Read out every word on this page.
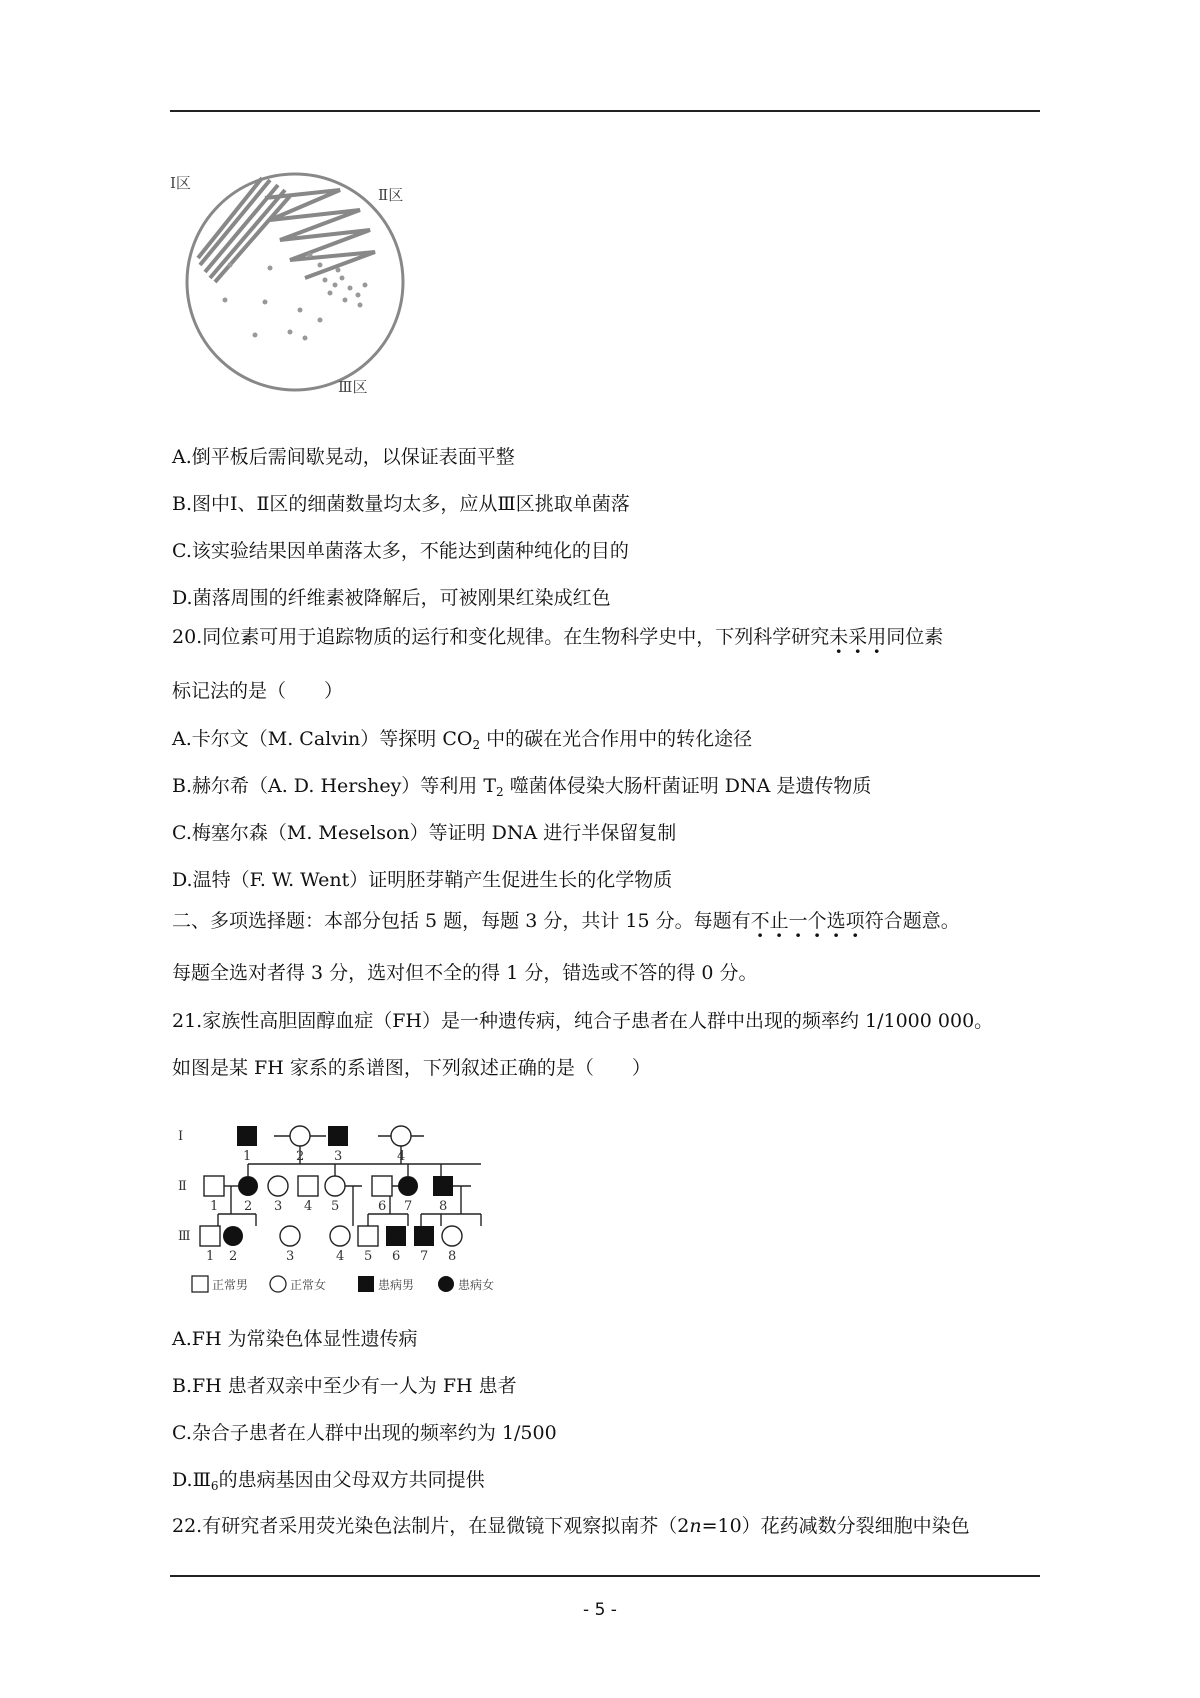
Ⅰ区
Ⅱ区
Ⅲ区
A.倒平板后需间歇晃动，以保证表面平整
B.图中Ⅰ、Ⅱ区的细菌数量均太多，应从Ⅲ区挑取单菌落
C.该实验结果因单菌落太多，不能达到菌种纯化的目的
D.菌落周围的纤维素被降解后，可被刚果红染成红色
20.同位素可用于追踪物质的运行和变化规律。在生物科学史中，下列科学研究未采用同位素
标记法的是（　　）
A.卡尔文（M. Calvin）等探明 $CO_2$ 中的碳在光合作用中的转化途径
B.赫尔希（A. D. Hershey）等利用 $T_2$ 噬菌体侵染大肠杆菌证明 DNA 是遗传物质
C.梅塞尔森（M. Meselson）等证明 DNA 进行半保留复制
D.温特（F. W. Went）证明胚芽鞘产生促进生长的化学物质
二、多项选择题：本部分包括 5 题，每题 3 分，共计 15 分。每题有不止一个选项符合题意。
每题全选对者得 3 分，选对但不全的得 1 分，错选或不答的得 0 分。
21.家族性高胆固醇血症（FH）是一种遗传病，纯合子患者在人群中出现的频率约 1/1000 000。
如图是某 FH 家系的系谱图，下列叙述正确的是（　　）
Ⅰ
Ⅱ
Ⅲ
1	2 3	4
1 2 3 4 5	6 7 8
1 2	3	4 5 6 7 8
正常男	正常女	患病男	患病女
A.FH 为常染色体显性遗传病
B.FH 患者双亲中至少有一人为 FH 患者
C.杂合子患者在人群中出现的频率约为 1/500
$D.Ⅲ_6$的患病基因由父母双方共同提供
22.有研究者采用荧光染色法制片，在显微镜下观察拟南芥（2n=10）花药减数分裂细胞中染色
- 5 -
